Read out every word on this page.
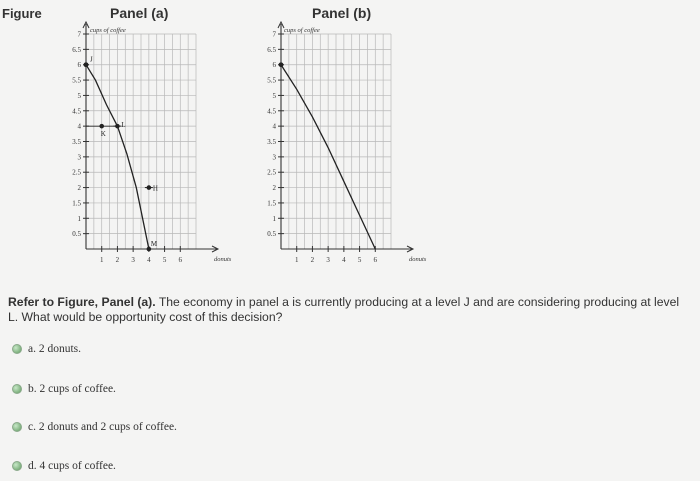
Figure	Panel (a)	Panel (b)
0.5
1
1.5
2
2.5
3
3.5
4
4.5
5
5.5
6
6.5
7
1 2 3 4 5 6
cups of coffee
donuts
J
K
L
H
M
0.5
1
1.5
2
2.5
3
3.5
4
4.5
5
5.5
6
6.5
7
1 2 3 4 5 6
cups of coffee
donuts
Refer to Figure, Panel (a). The economy in panel a is currently producing at a level J and are considering producing at level L. What would be opportunity cost of this decision?
a. 2 donuts.
b. 2 cups of coffee.
c. 2 donuts and 2 cups of coffee.
d. 4 cups of coffee.
